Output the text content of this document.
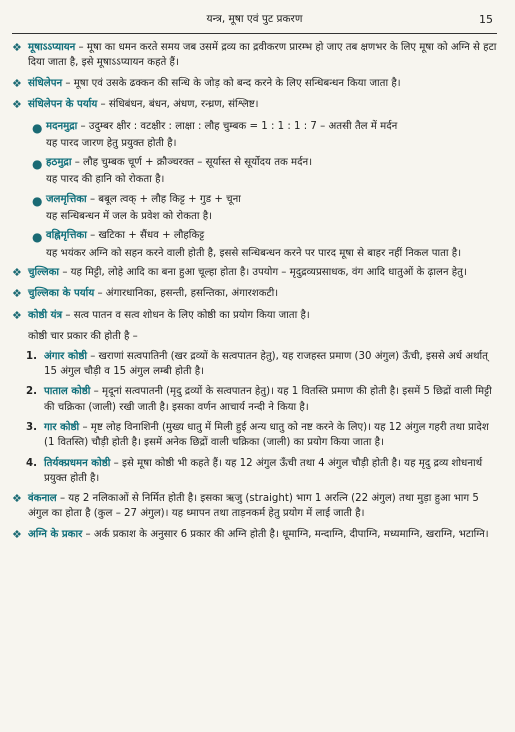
यन्त्र, मूषा एवं पुट प्रकरण	15
❖ मूषाऽऽप्यायन – मूषा का धमन करते समय जब उसमें द्रव्य का द्रवीकरण प्रारम्भ हो जाए तब क्षणभर के लिए मूषा को अग्नि से हटा दिया जाता है, इसे मूषाऽऽप्यायन कहते हैं।
❖ संधिलेपन – मूषा एवं उसके ढक्कन की सन्धि के जोड़ को बन्द करने के लिए सन्धिबन्धन किया जाता है।
❖ संधिलेपन के पर्याय – संधिबंधन, बंधन, अंधण, रन्ध्रण, संश्लिष्ट।
● मदनमुद्रा – उदुम्बर क्षीर : वटक्षीर : लाक्षा : लौह चुम्बक = 1 : 1 : 1 : 7 – अतसी तैल में मर्दन
यह पारद जारण हेतु प्रयुक्त होती है।
● हठमुद्रा – लौह चुम्बक चूर्ण + क्रौञ्चरक्त – सूर्यास्त से सूर्योदय तक मर्दन।
यह पारद की हानि को रोकता है।
● जलमृत्तिका – बबूल त्वक् + लौह किट्ट + गुड + चूना
यह सन्धिबन्धन में जल के प्रवेश को रोकता है।
● वह्निमृत्तिका – खटिका + सैंधव + लौहकिट्ट
यह भयंकर अग्नि को सहन करने वाली होती है, इससे सन्धिबन्धन करने पर पारद मूषा से बाहर नहीं निकल पाता है।
❖ चुल्लिका – यह मिट्टी, लोहे आदि का बना हुआ चूल्हा होता है। उपयोग – मृदुद्रव्यप्रसाधक, वंग आदि धातुओं के ढ़ालन हेतु।
❖ चुल्लिका के पर्याय – अंगारधानिका, हसन्ती, हसन्तिका, अंगारशकटी।
❖ कोष्ठी यंत्र – सत्व पातन व सत्व शोधन के लिए कोष्ठी का प्रयोग किया जाता है।
कोष्ठी चार प्रकार की होती है –
1. अंगार कोष्ठी – खराणां सत्वपातिनी (खर द्रव्यों के सत्वपातन हेतु), यह राजहस्त प्रमाण (30 अंगुल) ऊँची, इससे अर्ध अर्थात् 15 अंगुल चौड़ी व 15 अंगुल लम्बी होती है।
2. पाताल कोष्ठी – मृदूनां सत्वपातनी (मृदु द्रव्यों के सत्वपातन हेतु)। यह 1 वितस्ति प्रमाण की होती है। इसमें 5 छिद्रों वाली मिट्टी की चक्रिका (जाली) रखी जाती है। इसका वर्णन आचार्य नन्दी ने किया है।
3. गार कोष्ठी – मृष्ट लोह विनाशिनी (मुख्य धातु में मिली हुई अन्य धातु को नष्ट करने के लिए)। यह 12 अंगुल गहरी तथा प्रादेश (1 वितस्ति) चौड़ी होती है। इसमें अनेक छिद्रों वाली चक्रिका (जाली) का प्रयोग किया जाता है।
4. तिर्यक्प्रधमन कोष्ठी – इसे मूषा कोष्ठी भी कहते हैं। यह 12 अंगुल ऊँची तथा 4 अंगुल चौड़ी होती है। यह मृदु द्रव्य शोधनार्थ प्रयुक्त होती है।
❖ वंकनाल – यह 2 नलिकाओं से निर्मित होती है। इसका ऋजु (straight) भाग 1 अरत्नि (22 अंगुल) तथा मुड़ा हुआ भाग 5 अंगुल का होता है (कुल – 27 अंगुल)। यह ध्मापन तथा ताड़नकर्म हेतु प्रयोग में लाई जाती है।
❖ अग्नि के प्रकार – अर्क प्रकाश के अनुसार 6 प्रकार की अग्नि होती है। धूमाग्नि, मन्दाग्नि, दीपाग्नि, मध्यमाग्नि, खराग्नि, भटाग्नि।
